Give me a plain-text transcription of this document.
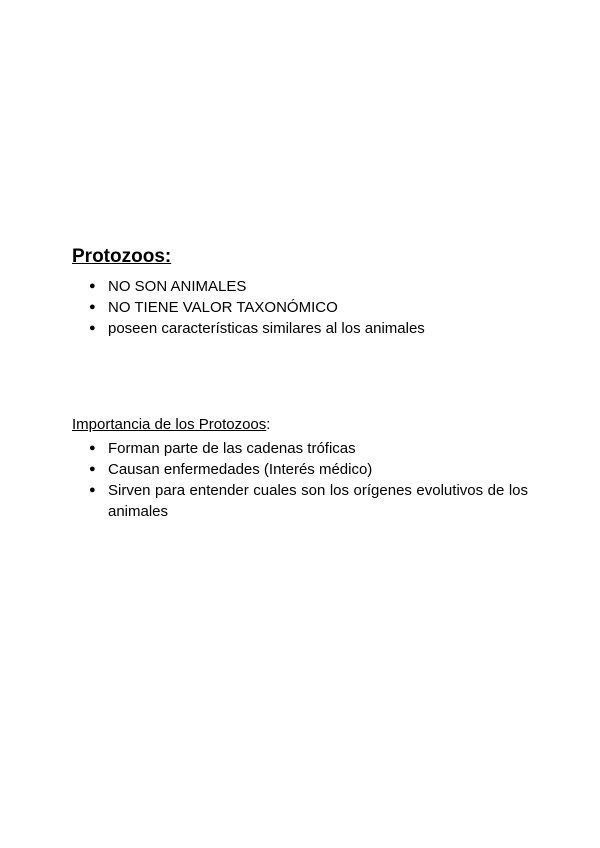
Protozoos:
● NO SON ANIMALES
● NO TIENE VALOR TAXONÓMICO
● poseen características similares al los animales
Importancia de los Protozoos:
● Forman parte de las cadenas tróficas
● Causan enfermedades (Interés médico)
● Sirven para entender cuales son los orígenes evolutivos de los animales
